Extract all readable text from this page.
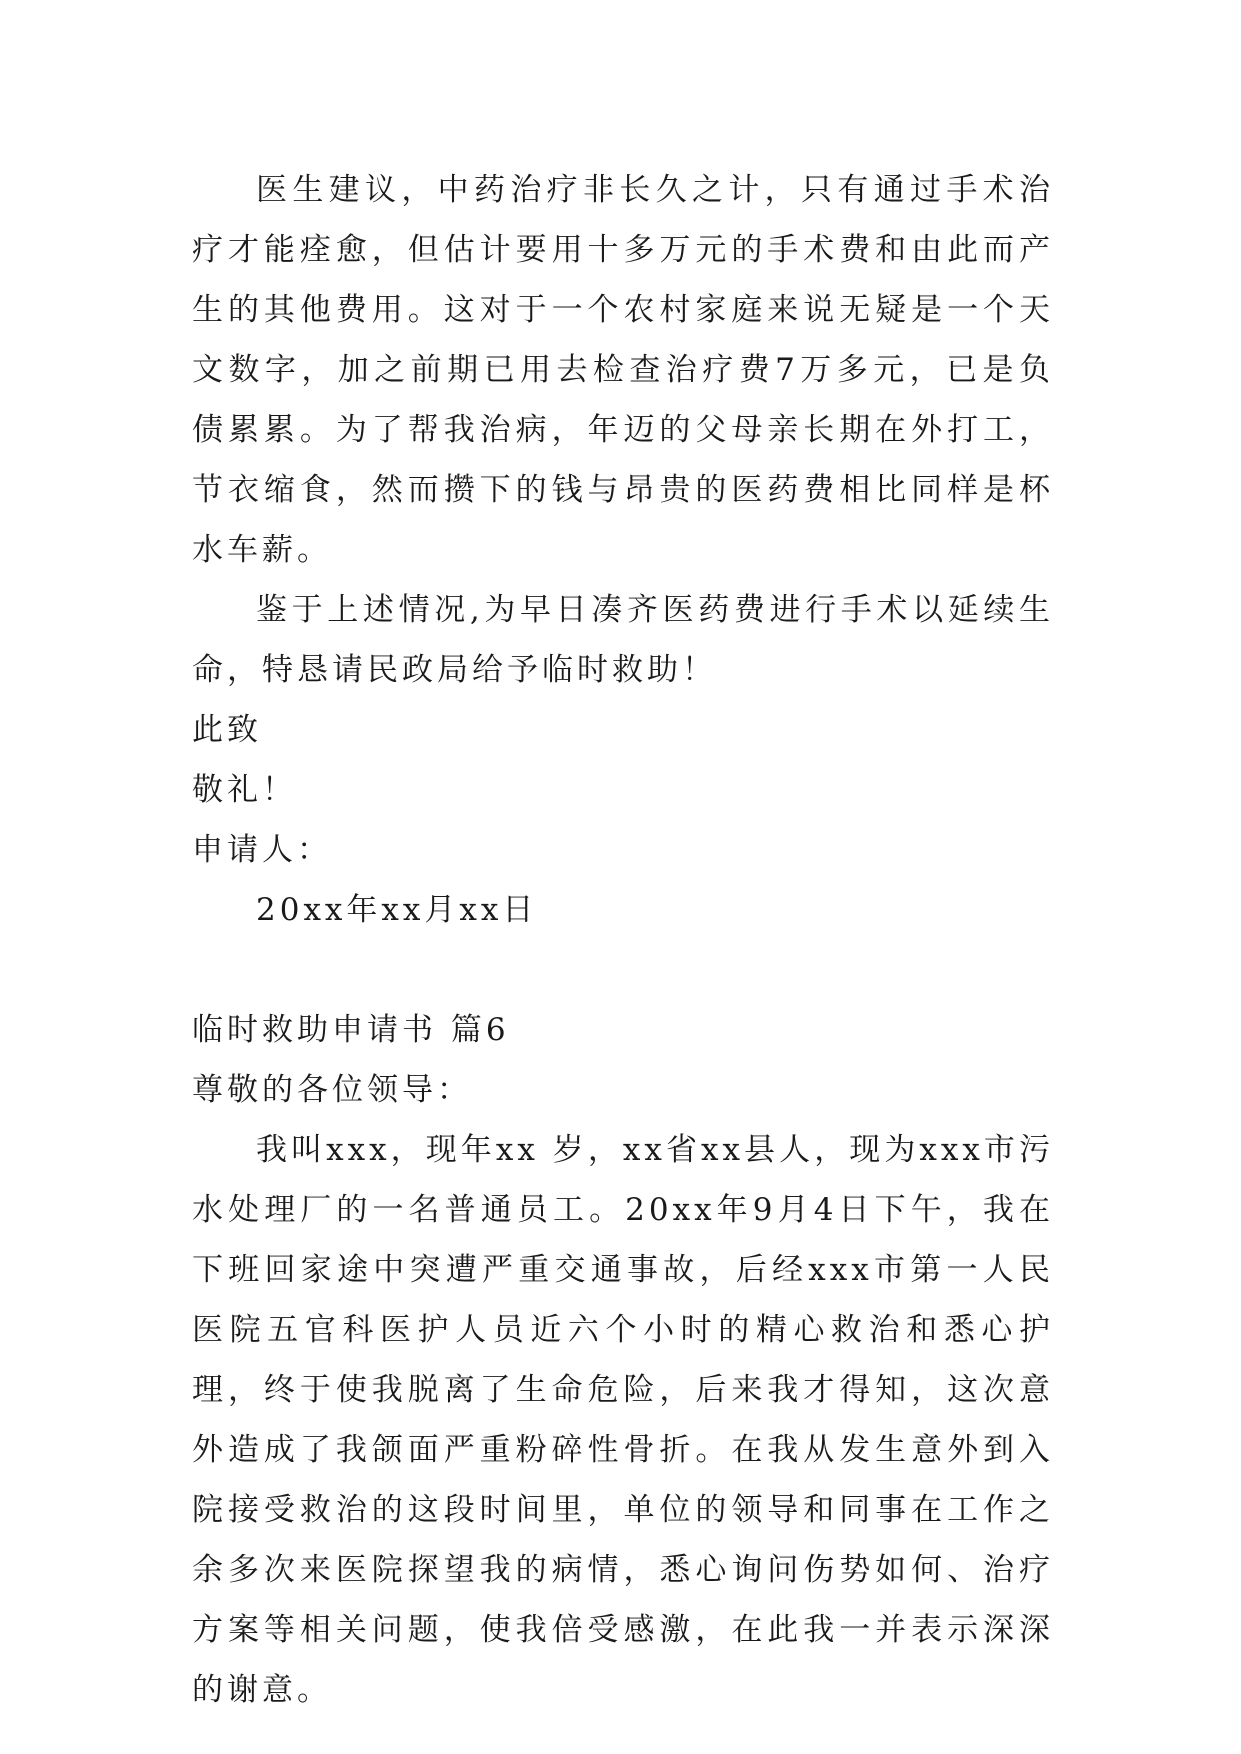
医生建议，中药治疗非长久之计，只有通过手术治疗才能痊愈，但估计要用十多万元的手术费和由此而产生的其他费用。这对于一个农村家庭来说无疑是一个天文数字，加之前期已用去检查治疗费7万多元，已是负债累累。为了帮我治病，年迈的父母亲长期在外打工，节衣缩食，然而攒下的钱与昂贵的医药费相比同样是杯水车薪。

鉴于上述情况,为早日凑齐医药费进行手术以延续生命，特恳请民政局给予临时救助！

此致

敬礼！

申请人：

20xx年xx月xx日

临时救助申请书 篇6

尊敬的各位领导：

我叫xxx，现年xx 岁，xx省xx县人，现为xxx市污水处理厂的一名普通员工。20xx年9月4日下午，我在下班回家途中突遭严重交通事故，后经xxx市第一人民医院五官科医护人员近六个小时的精心救治和悉心护理，终于使我脱离了生命危险，后来我才得知，这次意外造成了我颌面严重粉碎性骨折。在我从发生意外到入院接受救治的这段时间里，单位的领导和同事在工作之余多次来医院探望我的病情，悉心询问伤势如何、治疗方案等相关问题，使我倍受感激，在此我一并表示深深的谢意。
